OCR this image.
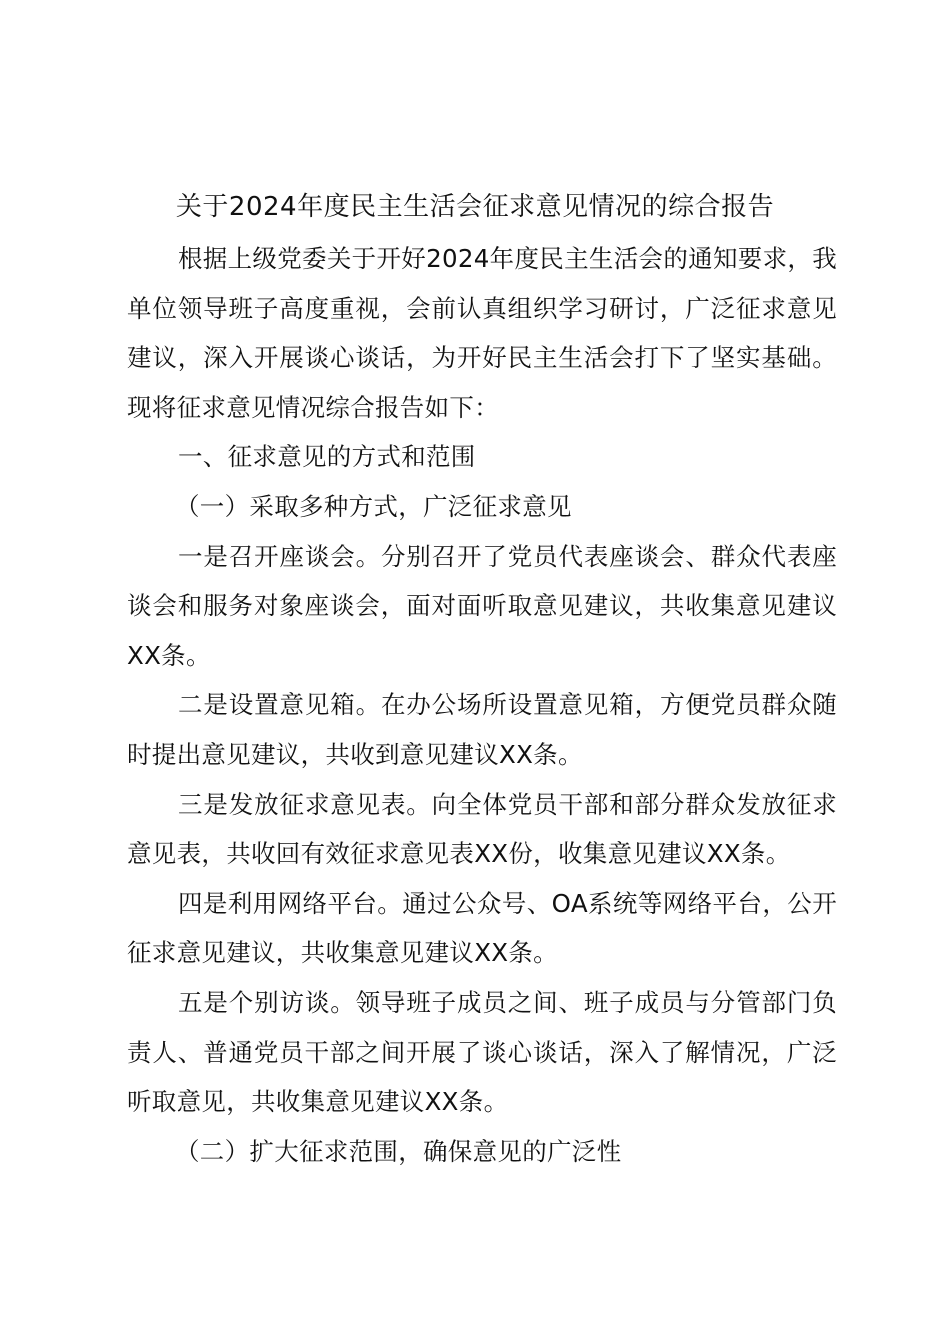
关于2024年度民主生活会征求意见情况的综合报告

根据上级党委关于开好2024年度民主生活会的通知要求，我单位领导班子高度重视，会前认真组织学习研讨，广泛征求意见建议，深入开展谈心谈话，为开好民主生活会打下了坚实基础。现将征求意见情况综合报告如下：

一、征求意见的方式和范围

（一）采取多种方式，广泛征求意见

一是召开座谈会。分别召开了党员代表座谈会、群众代表座谈会和服务对象座谈会，面对面听取意见建议，共收集意见建议XX条。

二是设置意见箱。在办公场所设置意见箱，方便党员群众随时提出意见建议，共收到意见建议XX条。

三是发放征求意见表。向全体党员干部和部分群众发放征求意见表，共收回有效征求意见表XX份，收集意见建议XX条。

四是利用网络平台。通过公众号、OA系统等网络平台，公开征求意见建议，共收集意见建议XX条。

五是个别访谈。领导班子成员之间、班子成员与分管部门负责人、普通党员干部之间开展了谈心谈话，深入了解情况，广泛听取意见，共收集意见建议XX条。

（二）扩大征求范围，确保意见的广泛性
